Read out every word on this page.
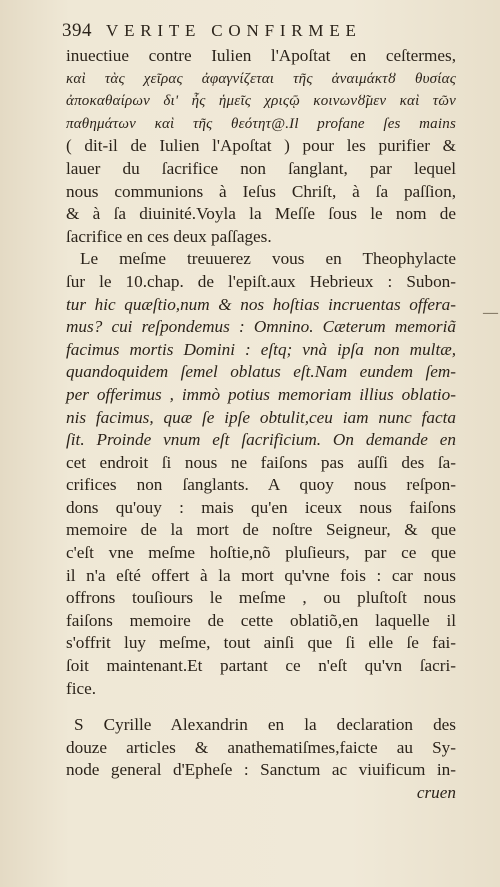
394 VERITE CONFIRMEE
inuectiue contre Iulien l'Apoſtat en ceſtermes,
καὶ τὰς χεῖρας ἀφαγνίζεται τῆς ἀναιμάκτȣ θυσίας
ἀποκαθαίρων δι' ἧς ἡμεῖς χριςῷ κοινωνȣ̃μεν καὶ τῶν
παθημάτων καὶ τῆς θεότητ@.Il profane ſes mains
( dit-il de Iulien l'Apoſtat ) pour les purifier &
lauer du ſacrifice non ſanglant, par lequel
nous communions à Ieſus Chriſt, à ſa paſſion,
& à ſa diuinité.Voyla la Meſſe ſous le nom de
ſacrifice en ces deux paſſages.
Le meſme treuuerez vous en Theophylacte
ſur le 10.chap. de l'epiſt.aux Hebrieux : Subon-
tur hic quæſtio,num & nos hoſtias incruentas offera-
mus? cui reſpondemus : Omnino. Cæterum memoriã
facimus mortis Domini : eſtq; vnà ipſa non multæ,
quandoquidem ſemel oblatus eſt.Nam eundem ſem-
per offerimus , immò potius memoriam illius oblatio-
nis facimus, quæ ſe ipſe obtulit,ceu iam nunc facta
ſit. Proinde vnum eſt ſacrificium. On demande en
cet endroit ſi nous ne faiſons pas auſſi des ſa-
crifices non ſanglants. A quoy nous reſpon-
dons qu'ouy : mais qu'en iceux nous faiſons
memoire de la mort de noſtre Seigneur, & que
c'eſt vne meſme hoſtie,nõ pluſieurs, par ce que
il n'a eſté offert à la mort qu'vne fois : car nous
offrons touſiours le meſme , ou pluſtoſt nous
faiſons memoire de cette oblatiõ,en laquelle il
s'offrit luy meſme, tout ainſi que ſi elle ſe fai-
ſoit maintenant.Et partant ce n'eſt qu'vn ſacri-
fice.
S Cyrille Alexandrin en la declaration des
douze articles & anathematiſmes,faicte au Sy-
node general d'Epheſe : Sanctum ac viuificum in-
cruen
—
